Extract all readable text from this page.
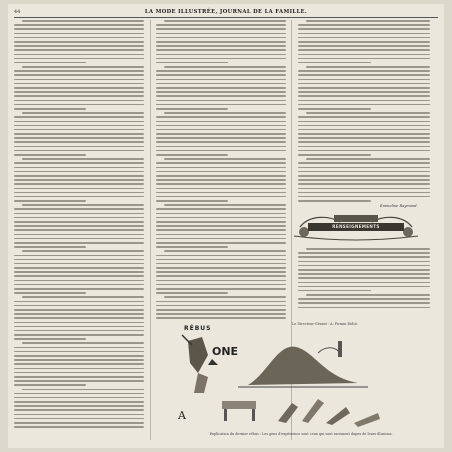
44	LA MODE ILLUSTRÉE, JOURNAL DE LA FAMILLE.
Emmeline Raymond.
RENSEIGNEMENTS
Le Directeur-Gérant : A. Firmin-Didot.
RÉBUS
ONE
A
Explication du dernier rébus : Les gens d'expérience sont ceux qui sont rarement dupes de leurs illusions.
